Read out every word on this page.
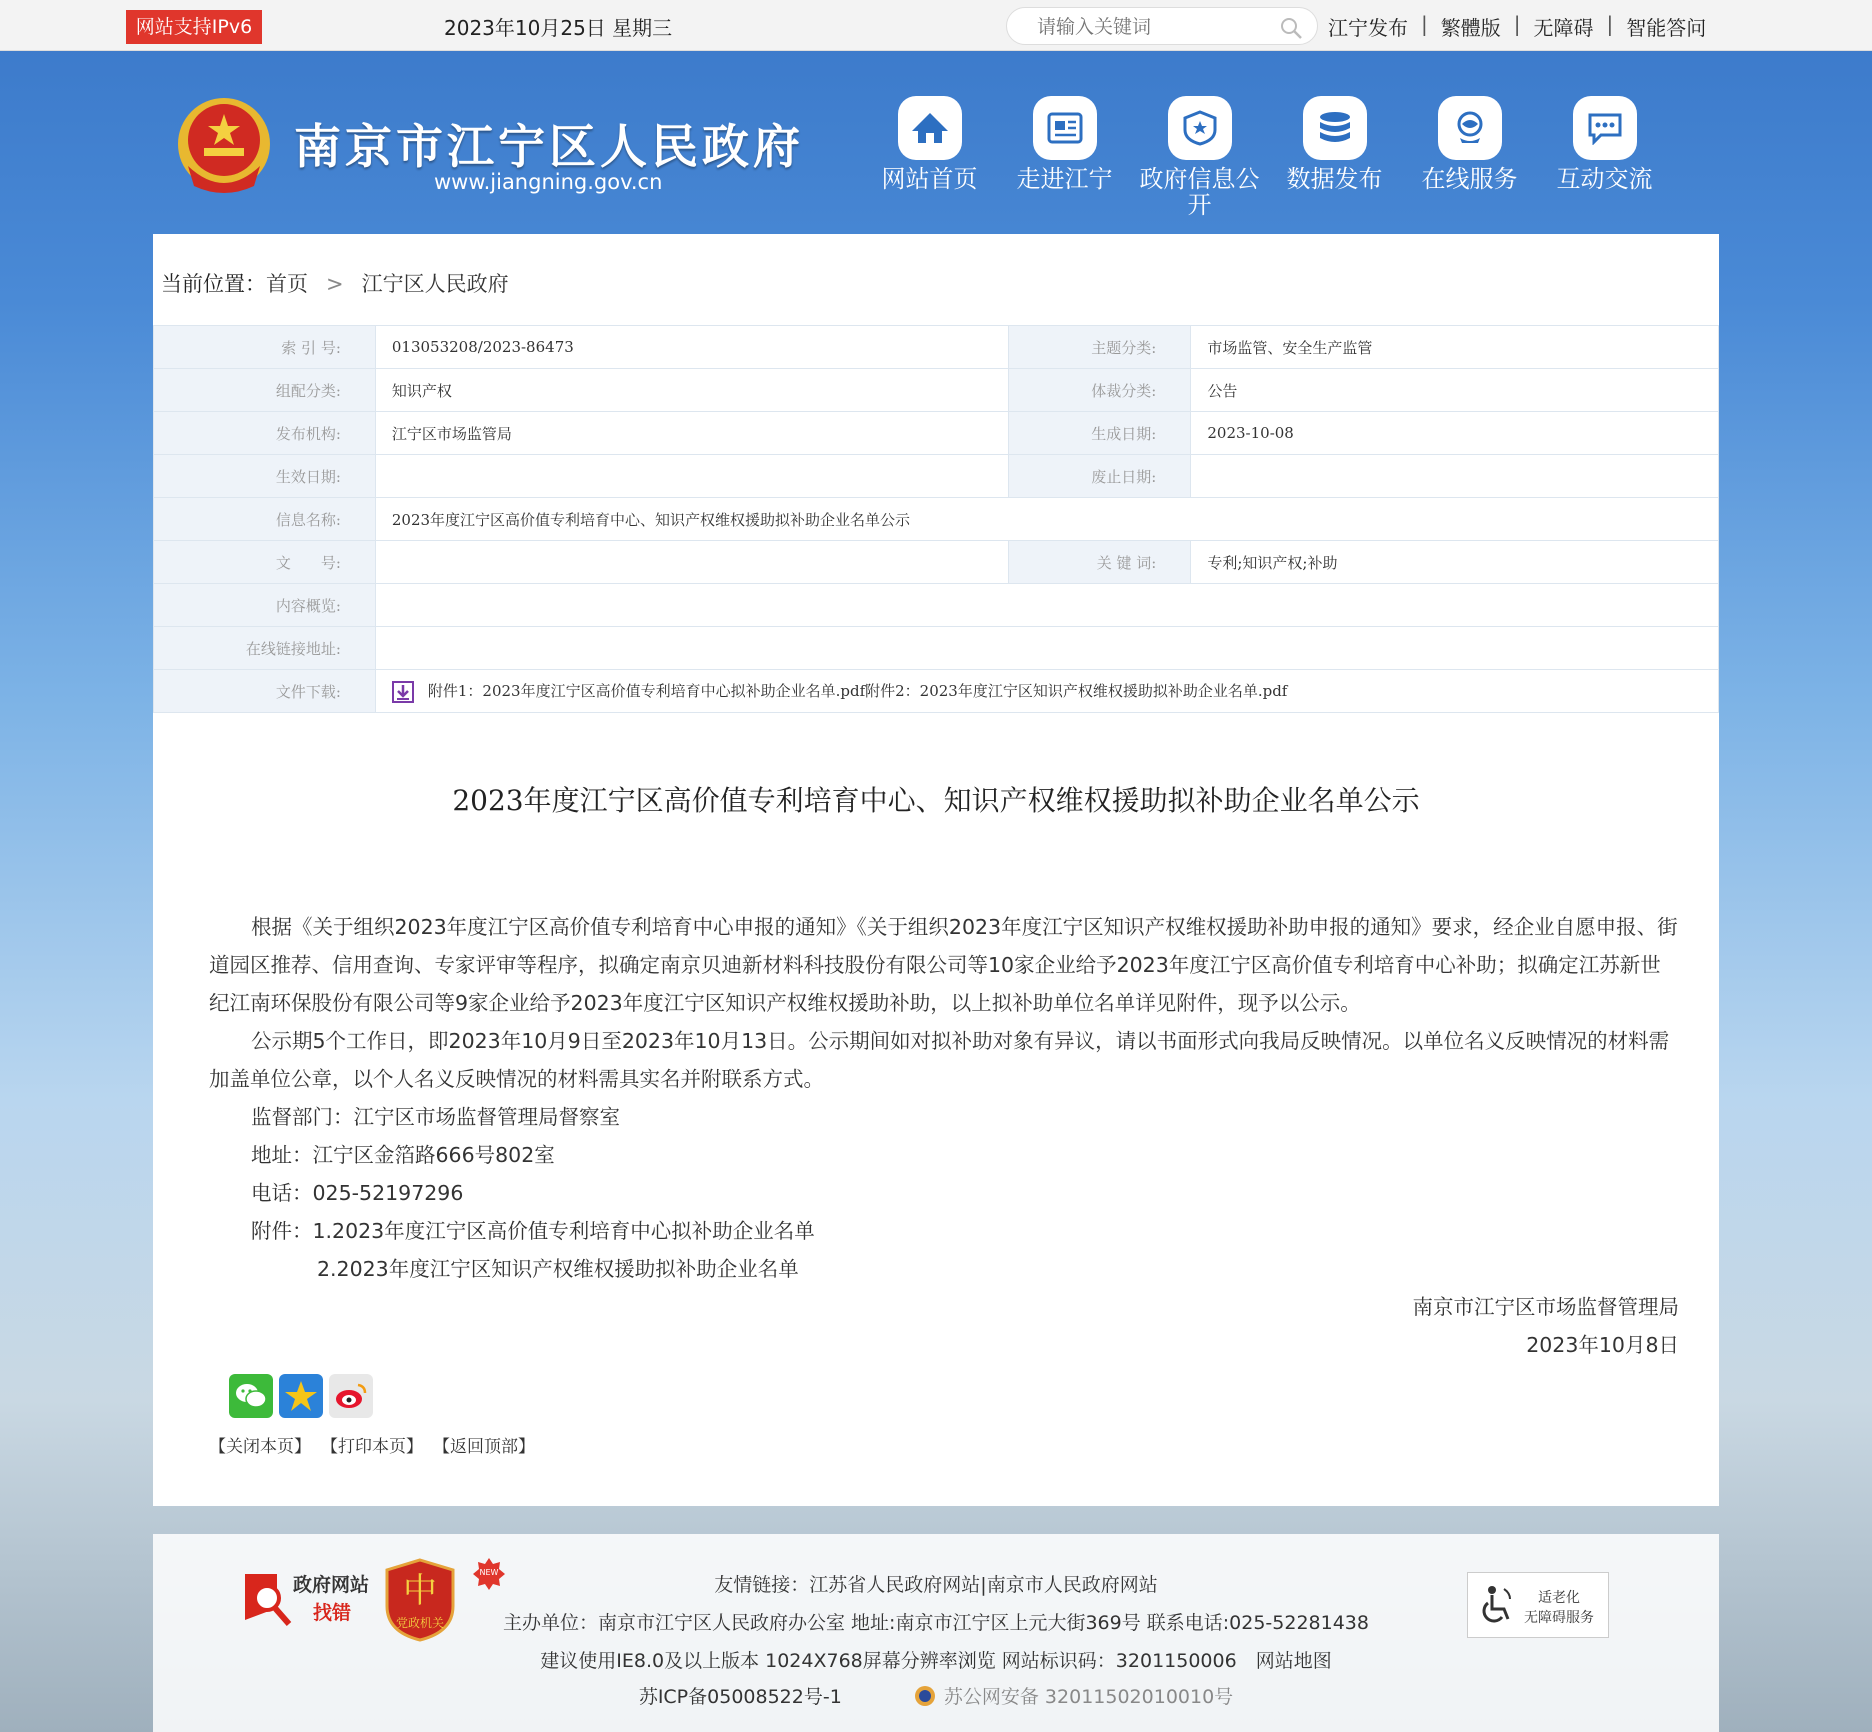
网站支持IPv6	2023年10月25日 星期三
请输入关键词	江宁发布 | 繁體版 | 无障碍 | 智能答问
南京市江宁区人民政府
www.jiangning.gov.cn	网站首页	走进江宁	政府信息公开
数据发布	在线服务	互动交流
当前位置：首页 > 江宁区人民政府
索 引 号:	013053208/2023-86473	主题分类:	市场监管、安全生产监管
组配分类:	知识产权	体裁分类:	公告
发布机构:	江宁区市场监管局	生成日期:	2023-10-08
生效日期:		废止日期:	
信息名称:	2023年度江宁区高价值专利培育中心、知识产权维权援助拟补助企业名单公示		
文　　号:		关 键 词:	专利;知识产权;补助
内容概览:			
在线链接地址:			
文件下载:	附件1：2023年度江宁区高价值专利培育中心拟补助企业名单.pdf附件2：2023年度江宁区知识产权维权援助拟补助企业名单.pdf		
2023年度江宁区高价值专利培育中心、知识产权维权援助拟补助企业名单公示

根据《关于组织2023年度江宁区高价值专利培育中心申报的通知》《关于组织2023年度江宁区知识产权维权援助补助申报的通知》要求，经企业自愿申报、街道园区推荐、信用查询、专家评审等程序，拟确定南京贝迪新材料科技股份有限公司等10家企业给予2023年度江宁区高价值专利培育中心补助；拟确定江苏新世纪江南环保股份有限公司等9家企业给予2023年度江宁区知识产权维权援助补助，以上拟补助单位名单详见附件，现予以公示。

公示期5个工作日，即2023年10月9日至2023年10月13日。公示期间如对拟补助对象有异议，请以书面形式向我局反映情况。以单位名义反映情况的材料需加盖单位公章，以个人名义反映情况的材料需具实名并附联系方式。

监督部门：江宁区市场监督管理局督察室
地址：江宁区金箔路666号802室
电话：025-52197296
附件：1.2023年度江宁区高价值专利培育中心拟补助企业名单
2.2023年度江宁区知识产权维权援助拟补助企业名单
南京市江宁区市场监督管理局
2023年10月8日
【关闭本页】 【打印本页】 【返回顶部】
政府网站
找错
中
党政机关
NEW
友情链接：江苏省人民政府网站|南京市人民政府网站
主办单位：南京市江宁区人民政府办公室 地址:南京市江宁区上元大街369号 联系电话:025-52281438
建议使用IE8.0及以上版本 1024X768屏幕分辨率浏览 网站标识码：3201150006　 网站地图
苏ICP备05008522号-1	苏公网安备 32011502010010号
适老化
无障碍服务
